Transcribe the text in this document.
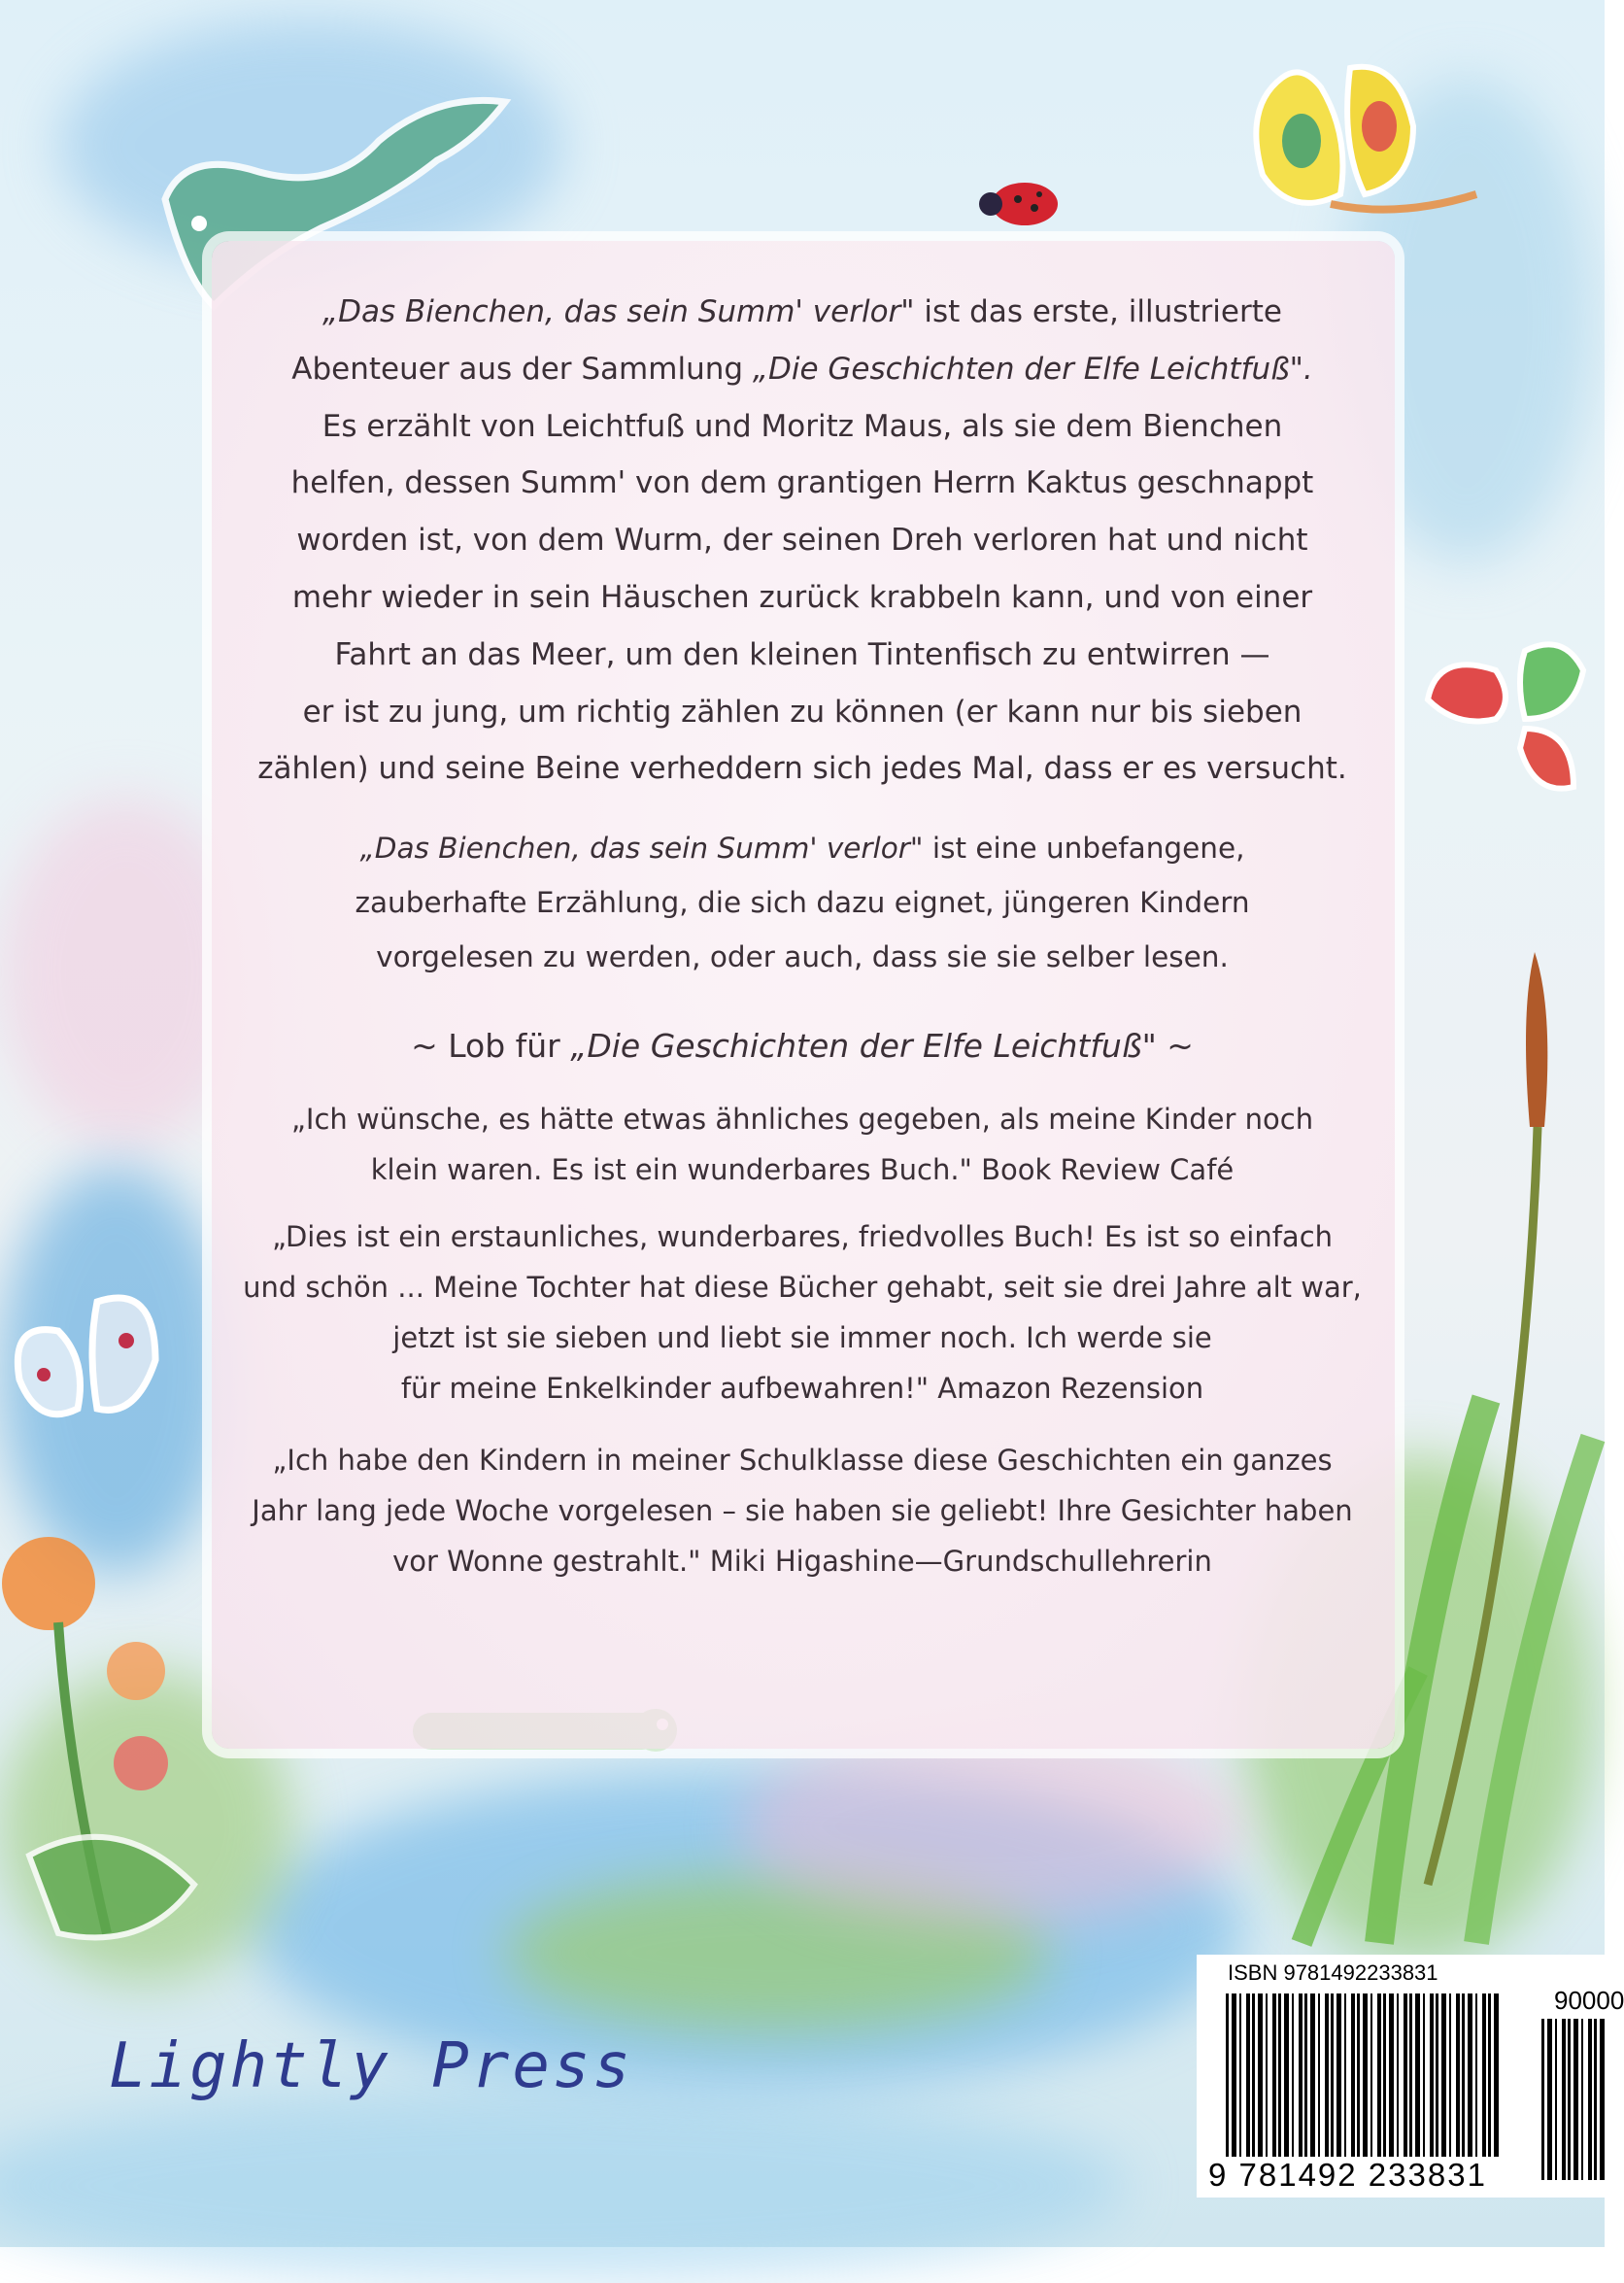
„Das Bienchen, das sein Summ' verlor" ist das erste, illustrierte
Abenteuer aus der Sammlung „Die Geschichten der Elfe Leichtfuß".
Es erzählt von Leichtfuß und Moritz Maus, als sie dem Bienchen
helfen, dessen Summ' von dem grantigen Herrn Kaktus geschnappt
worden ist, von dem Wurm, der seinen Dreh verloren hat und nicht
mehr wieder in sein Häuschen zurück krabbeln kann, und von einer
Fahrt an das Meer, um den kleinen Tintenfisch zu entwirren —
er ist zu jung, um richtig zählen zu können (er kann nur bis sieben
zählen) und seine Beine verheddern sich jedes Mal, dass er es versucht.
„Das Bienchen, das sein Summ' verlor" ist eine unbefangene,
zauberhafte Erzählung, die sich dazu eignet, jüngeren Kindern
vorgelesen zu werden, oder auch, dass sie sie selber lesen.
~ Lob für „Die Geschichten der Elfe Leichtfuß" ~
„Ich wünsche, es hätte etwas ähnliches gegeben, als meine Kinder noch
klein waren. Es ist ein wunderbares Buch." Book Review Café
„Dies ist ein erstaunliches, wunderbares, friedvolles Buch! Es ist so einfach
und schön ... Meine Tochter hat diese Bücher gehabt, seit sie drei Jahre alt war,
jetzt ist sie sieben und liebt sie immer noch. Ich werde sie
für meine Enkelkinder aufbewahren!" Amazon Rezension
„Ich habe den Kindern in meiner Schulklasse diese Geschichten ein ganzes
Jahr lang jede Woche vorgelesen – sie haben sie geliebt! Ihre Gesichter haben
vor Wonne gestrahlt." Miki Higashine—Grundschullehrerin
Lightly Press
ISBN 9781492233831
90000
9 781492 233831
